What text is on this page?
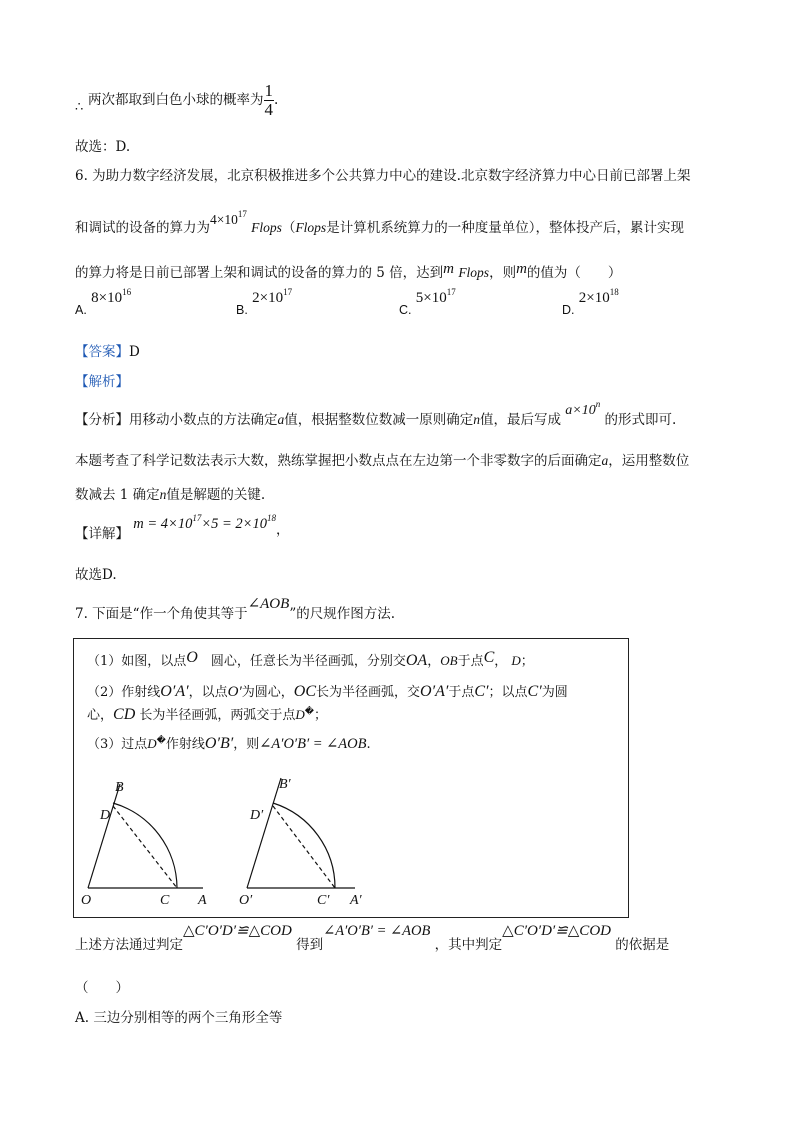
∴ 两次都取到白色小球的概率为 $\frac{1}{4}$ .
故选：D.
6. 为助力数字经济发展，北京积极推进多个公共算力中心的建设.北京数字经济算力中心日前已部署上架
和调试的设备的算力为$4\times 10^{17}$ Flops（Flops是计算机系统算力的一种度量单位），整体投产后，累计实现
的算力将是日前已部署上架和调试的设备的算力的 5 倍，达到m Flops，则m的值为（　　）
A. $8\times 10^{16}$
B. $2\times 10^{17}$
C. $5\times 10^{17}$
D. $2\times 10^{18}$
【答案】D
【解析】
【分析】用移动小数点的方法确定a值，根据整数位数减一原则确定n值，最后写成 $a\times 10^n$ 的形式即可.
本题考查了科学记数法表示大数，熟练掌握把小数点点在左边第一个非零数字的后面确定a，运用整数位
数减去 1 确定n值是解题的关键.
【详解】 $m = 4\times 10^{17}\times 5 = 2\times 10^{18}$，
故选D.
7. 下面是“作一个角使其等于∠AOB”的尺规作图方法.
（1）如图，以点O　 圆心，任意长为半径画弧，分别交OA，OB于点C， D；
（2）作射线O′A′，以点O′为圆心，OC长为半径画弧，交O′A′于点C′；以点C′为圆
心，CD 长为半径画弧，两弧交于点D�；
（3）过点D�作射线O′B′，则∠A′O′B′ = ∠AOB.
B
D
O	C A
B′
D′
O′	C′ A′
上述方法通过判定△C′O′D′≌△COD 得到∠A′O′B′ = ∠AOB ，其中判定△C′O′D′≌△COD 的依据是
（　　）
A. 三边分别相等的两个三角形全等
